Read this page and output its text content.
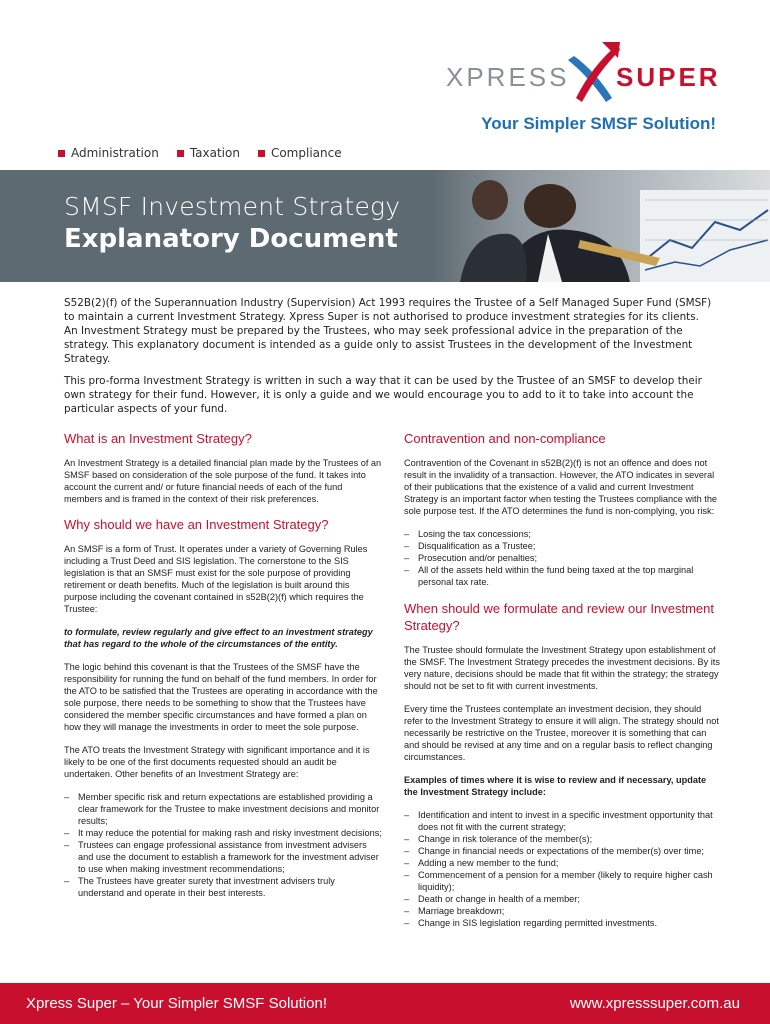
XPRESS SUPER
Your Simpler SMSF Solution!
Administration	Taxation	Compliance
SMSF Investment Strategy
Explanatory Document

S52B(2)(f) of the Superannuation Industry (Supervision) Act 1993 requires the Trustee of a Self Managed Super Fund (SMSF) to maintain a current Investment Strategy. Xpress Super is not authorised to produce investment strategies for its clients. An Investment Strategy must be prepared by the Trustees, who may seek professional advice in the preparation of the strategy. This explanatory document is intended as a guide only to assist Trustees in the development of the Investment Strategy.

This pro-forma Investment Strategy is written in such a way that it can be used by the Trustee of an SMSF to develop their own strategy for their fund. However, it is only a guide and we would encourage you to add to it to take into account the particular aspects of your fund.

What is an Investment Strategy?

An Investment Strategy is a detailed financial plan made by the Trustees of an SMSF based on consideration of the sole purpose of the fund. It takes into account the current and/ or future financial needs of each of the fund members and is framed in the context of their risk preferences.

Why should we have an Investment Strategy?

An SMSF is a form of Trust. It operates under a variety of Governing Rules including a Trust Deed and SIS legislation. The cornerstone to the SIS legislation is that an SMSF must exist for the sole purpose of providing retirement or death benefits. Much of the legislation is built around this purpose including the covenant contained in s52B(2)(f) which requires the Trustee:

to formulate, review regularly and give effect to an investment strategy that has regard to the whole of the circumstances of the entity.

The logic behind this covenant is that the Trustees of the SMSF have the responsibility for running the fund on behalf of the fund members. In order for the ATO to be satisfied that the Trustees are operating in accordance with the sole purpose, there needs to be something to show that the Trustees have considered the member specific circumstances and have formed a plan on how they will manage the investments in order to meet the sole purpose.

The ATO treats the Investment Strategy with significant importance and it is likely to be one of the first documents requested should an audit be undertaken. Other benefits of an Investment Strategy are:

– Member specific risk and return expectations are established providing a clear framework for the Trustee to make investment decisions and monitor results;
– It may reduce the potential for making rash and risky investment decisions;
– Trustees can engage professional assistance from investment advisers and use the document to establish a framework for the investment adviser to use when making investment recommendations;
– The Trustees have greater surety that investment advisers truly understand and operate in their best interests.
Contravention and non-compliance

Contravention of the Covenant in s52B(2)(f) is not an offence and does not result in the invalidity of a transaction. However, the ATO indicates in several of their publications that the existence of a valid and current Investment Strategy is an important factor when testing the Trustees compliance with the sole purpose test. If the ATO determines the fund is non-complying, you risk:

– Losing the tax concessions;
– Disqualification as a Trustee;
– Prosecution and/or penalties;
– All of the assets held within the fund being taxed at the top marginal personal tax rate.
When should we formulate and review our Investment Strategy?

The Trustee should formulate the Investment Strategy upon establishment of the SMSF. The Investment Strategy precedes the investment decisions. By its very nature, decisions should be made that fit within the strategy; the strategy should not be set to fit with current investments.

Every time the Trustees contemplate an investment decision, they should refer to the Investment Strategy to ensure it will align. The strategy should not necessarily be restrictive on the Trustee, moreover it is something that can and should be revised at any time and on a regular basis to reflect changing circumstances.

Examples of times where it is wise to review and if necessary, update the Investment Strategy include:

– Identification and intent to invest in a specific investment opportunity that does not fit with the current strategy;
– Change in risk tolerance of the member(s);
– Change in financial needs or expectations of the member(s) over time;
– Adding a new member to the fund;
– Commencement of a pension for a member (likely to require higher cash liquidity);
– Death or change in health of a member;
– Marriage breakdown;
– Change in SIS legislation regarding permitted investments.
Xpress Super – Your Simpler SMSF Solution!	www.xpresssuper.com.au
